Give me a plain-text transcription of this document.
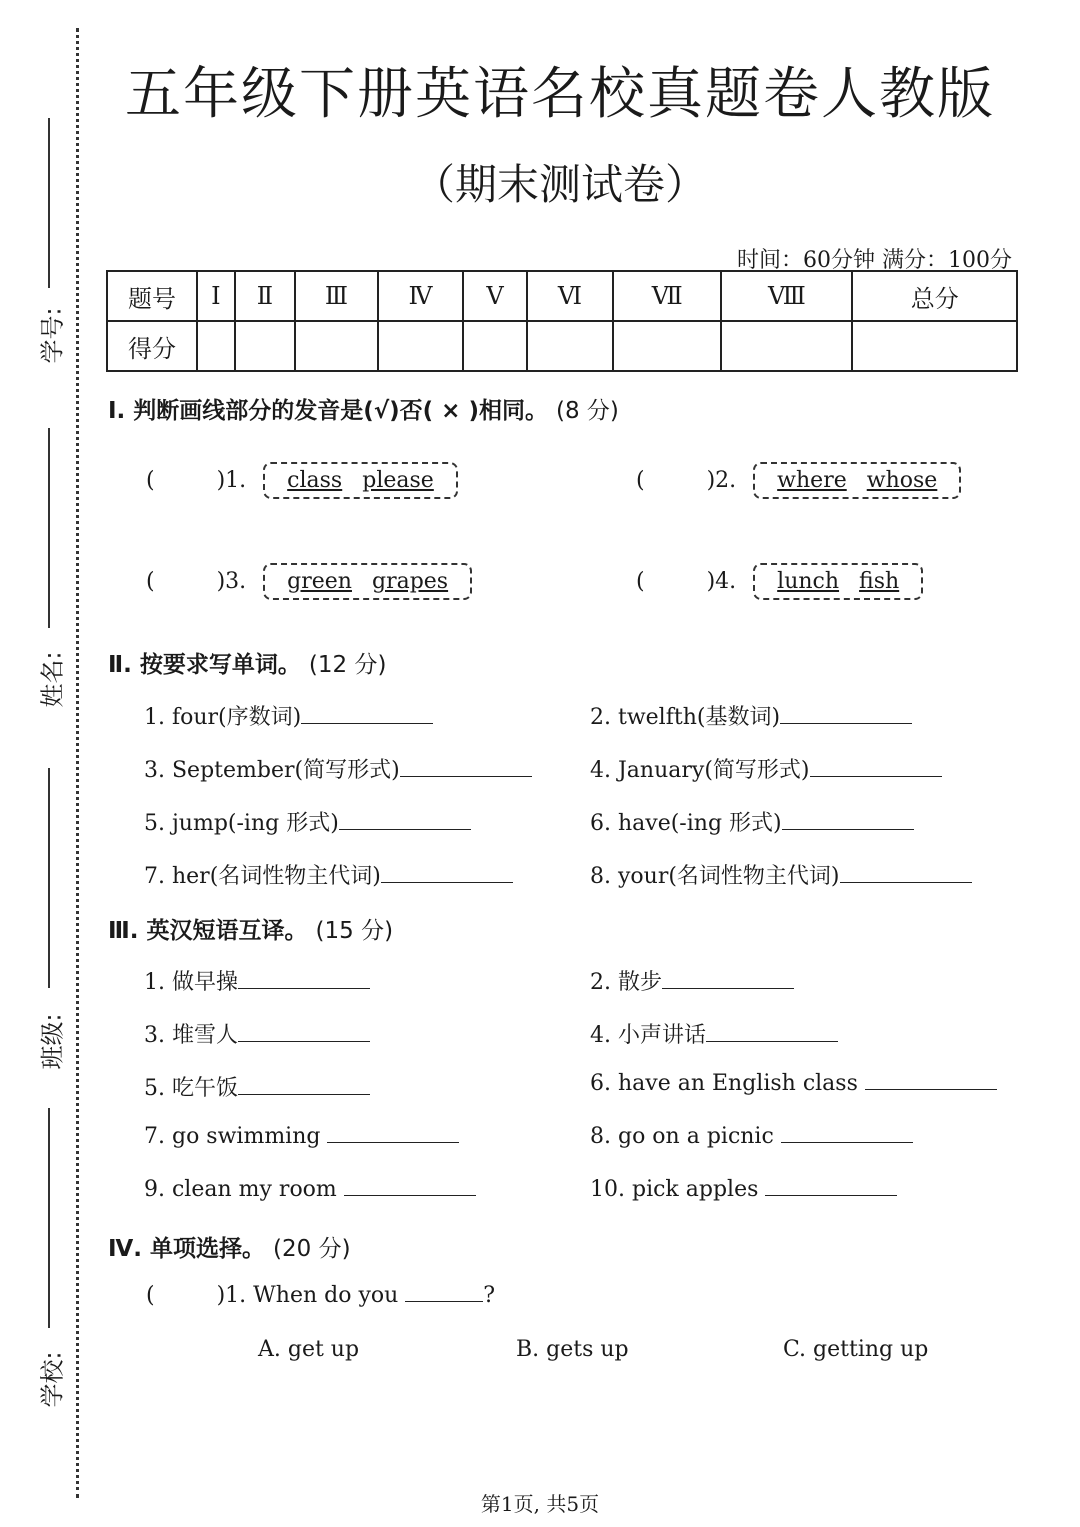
学号:
姓名:
班级:
学校:
五年级下册英语名校真题卷人教版
（期末测试卷）
时间：60分钟 满分：100分
题号	Ⅰ	Ⅱ	Ⅲ	Ⅳ	Ⅴ	Ⅵ	Ⅶ	Ⅷ	总分
得分									
Ⅰ. 判断画线部分的发音是(√)否( × )相同。 (8 分)
(	)1. class please	(	)2. where whose
(	)3. green grapes	(	)4. lunch fish
Ⅱ. 按要求写单词。 (12 分)
1. four(序数词)	2. twelfth(基数词)
3. September(简写形式)	4. January(简写形式)
5. jump(-ing 形式)	6. have(-ing 形式)
7. her(名词性物主代词)	8. your(名词性物主代词)
Ⅲ. 英汉短语互译。 (15 分)
1. 做早操	2. 散步
3. 堆雪人	4. 小声讲话
5. 吃午饭	6. have an English class
7. go swimming	8. go on a picnic
9. clean my room	10. pick apples
Ⅳ. 单项选择。 (20 分)
(	)1. When do you	?
A. get up	B. gets up	C. getting up
第1页, 共5页
